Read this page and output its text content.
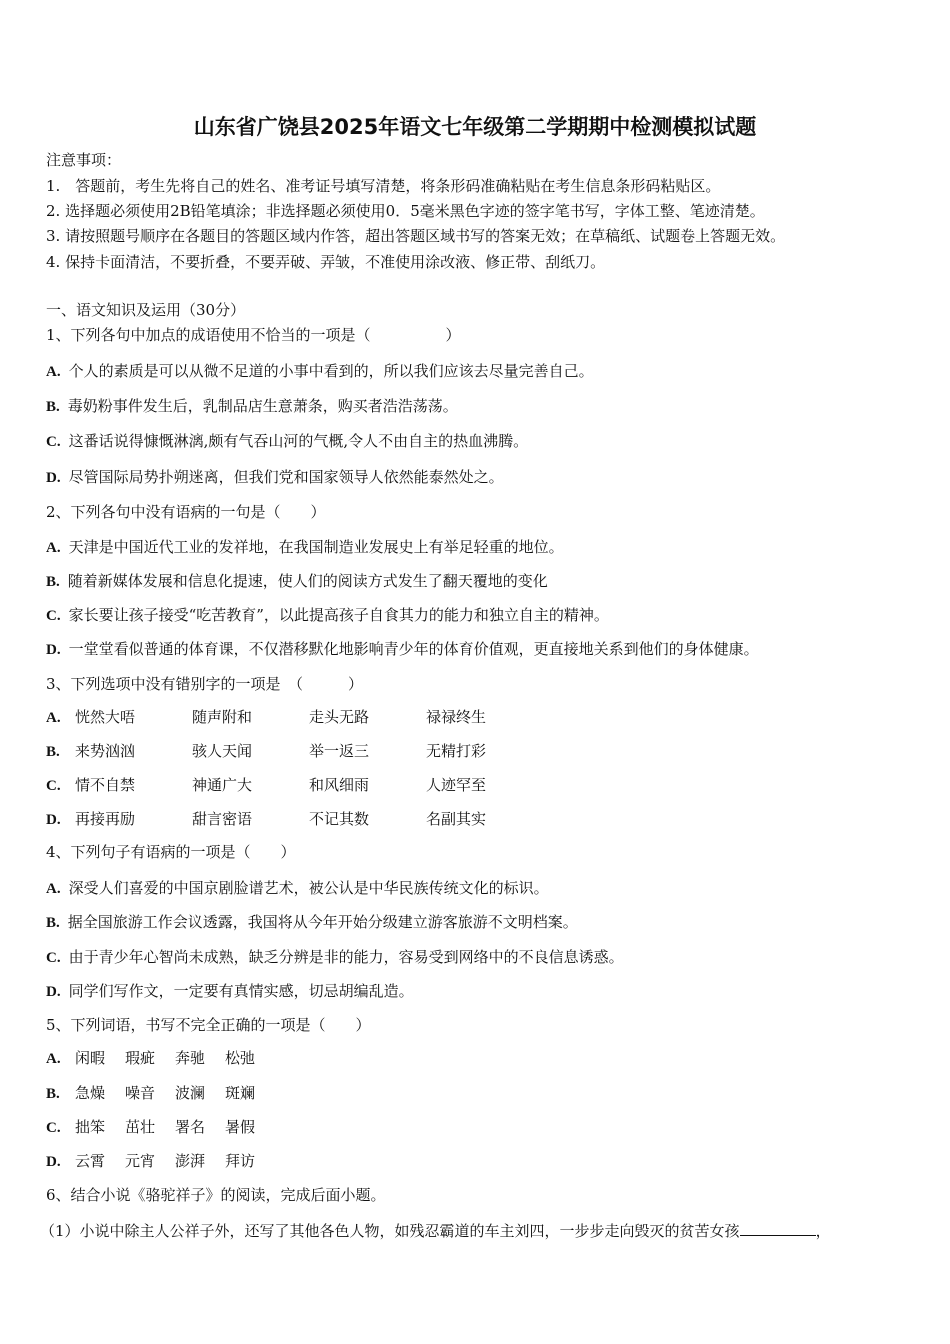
山东省广饶县2025年语文七年级第二学期期中检测模拟试题
注意事项：
1.　答题前，考生先将自己的姓名、准考证号填写清楚，将条形码准确粘贴在考生信息条形码粘贴区。
2. 选择题必须使用2B铅笔填涂；非选择题必须使用0．5毫米黑色字迹的签字笔书写，字体工整、笔迹清楚。
3. 请按照题号顺序在各题目的答题区域内作答，超出答题区域书写的答案无效；在草稿纸、试题卷上答题无效。
4. 保持卡面清洁，不要折叠，不要弄破、弄皱，不准使用涂改液、修正带、刮纸刀。
一、语文知识及运用（30分）
1、下列各句中加点的成语使用不恰当的一项是（　　　　　）
A. 个人的素质是可以从微不足道的小事中看到的，所以我们应该去尽量完善自己。
B. 毒奶粉事件发生后，乳制品店生意萧条，购买者浩浩荡荡。
C. 这番话说得慷慨淋漓,颇有气吞山河的气概,令人不由自主的热血沸腾。
D. 尽管国际局势扑朔迷离，但我们党和国家领导人依然能泰然处之。
2、下列各句中没有语病的一句是（　　）
A. 天津是中国近代工业的发祥地，在我国制造业发展史上有举足轻重的地位。
B. 随着新媒体发展和信息化提速，使人们的阅读方式发生了翻天覆地的变化
C. 家长要让孩子接受“吃苦教育”，以此提高孩子自食其力的能力和独立自主的精神。
D. 一堂堂看似普通的体育课，不仅潜移默化地影响青少年的体育价值观，更直接地关系到他们的身体健康。
3、下列选项中没有错别字的一项是　（　　　）
A. 恍然大唔	随声附和	走头无路	禄禄终生
B. 来势汹汹	骇人天闻	举一返三	无精打彩
C. 情不自禁	神通广大	和风细雨	人迹罕至
D. 再接再励	甜言密语	不记其数	名副其实
4、下列句子有语病的一项是（　　）
A. 深受人们喜爱的中国京剧脸谱艺术，被公认是中华民族传统文化的标识。
B. 据全国旅游工作会议透露，我国将从今年开始分级建立游客旅游不文明档案。
C. 由于青少年心智尚未成熟，缺乏分辨是非的能力，容易受到网络中的不良信息诱惑。
D. 同学们写作文，一定要有真情实感，切忌胡编乱造。
5、下列词语，书写不完全正确的一项是（　　）
A. 闲暇 瑕疵 奔驰 松弛
B. 急燥 噪音 波澜 斑斓
C. 拙笨 茁壮 署名 暑假
D. 云霄 元宵 澎湃 拜访
6、结合小说《骆驼祥子》的阅读，完成后面小题。
（1）小说中除主人公祥子外，还写了其他各色人物，如残忍霸道的车主刘四，一步步走向毁灭的贫苦女孩	，
